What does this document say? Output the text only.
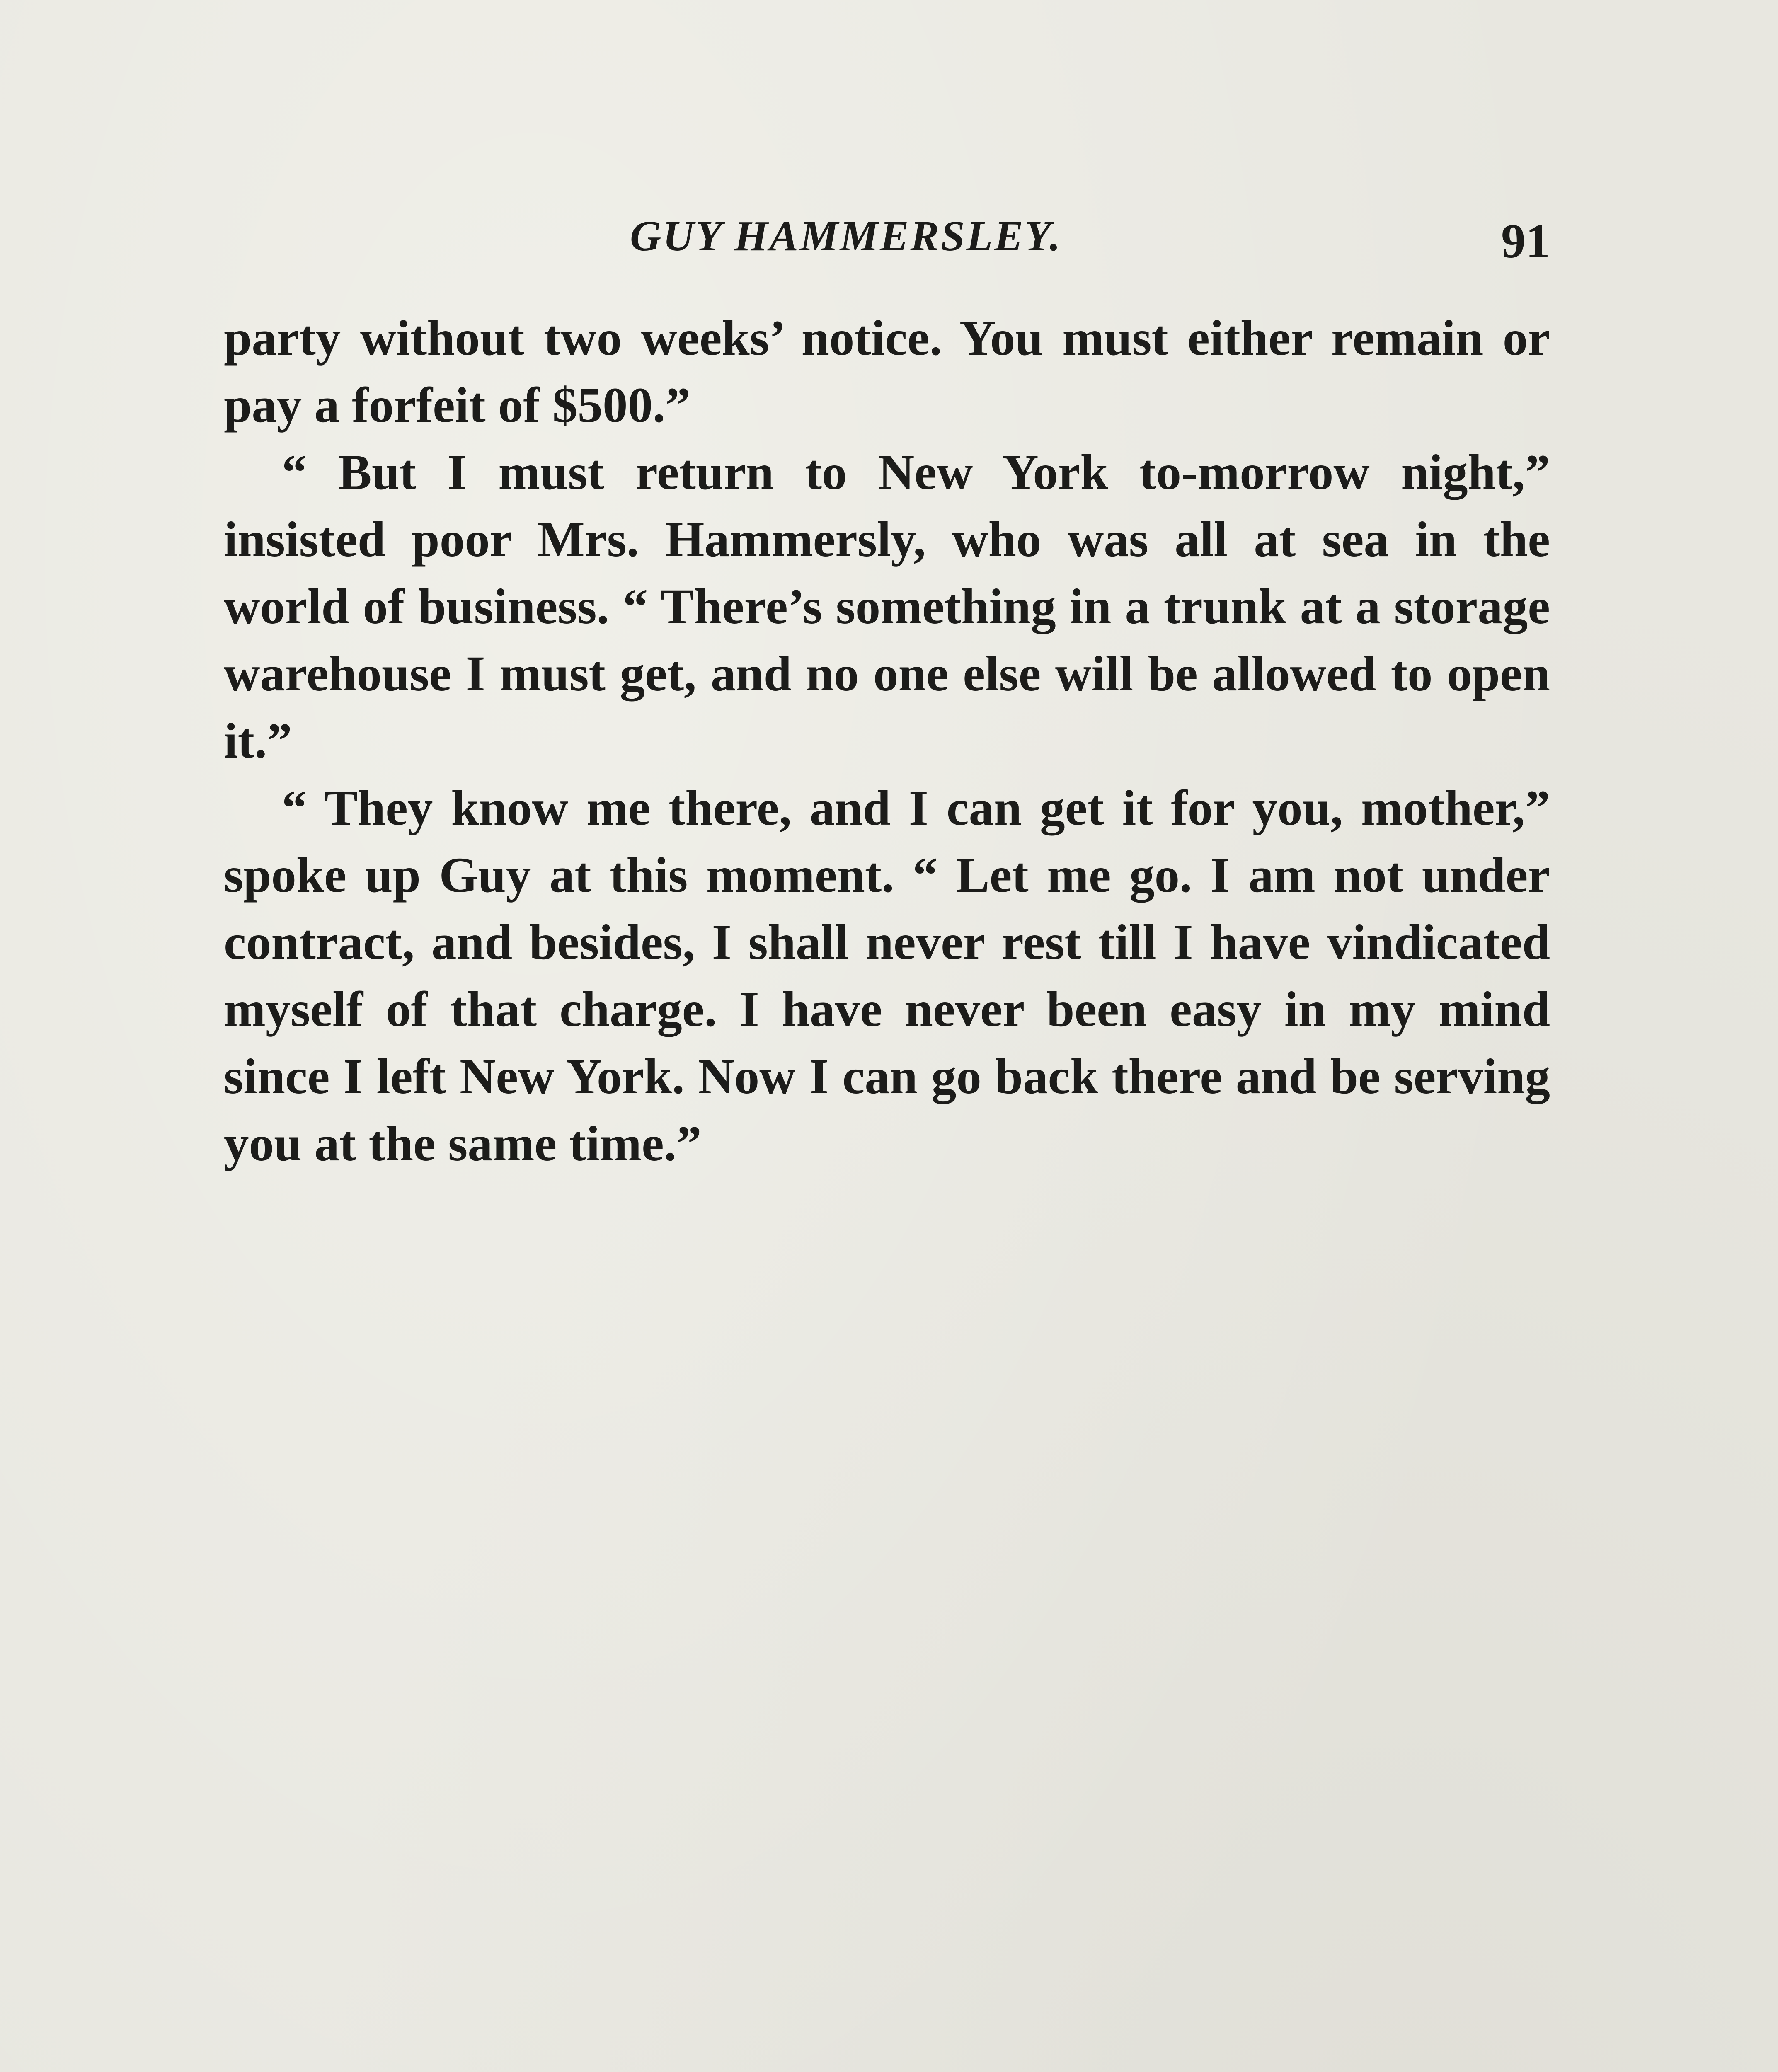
GUY HAMMERSLEY.	91

party without two weeks’ notice. You must either remain or pay a forfeit of $500.”

“ But I must return to New York to-morrow night,” insisted poor Mrs. Hammersly, who was all at sea in the world of business. “ There’s something in a trunk at a storage warehouse I must get, and no one else will be allowed to open it.”

“ They know me there, and I can get it for you, mother,” spoke up Guy at this moment. “ Let me go. I am not under contract, and besides, I shall never rest till I have vindicated myself of that charge. I have never been easy in my mind since I left New York. Now I can go back there and be serving you at the same time.”
